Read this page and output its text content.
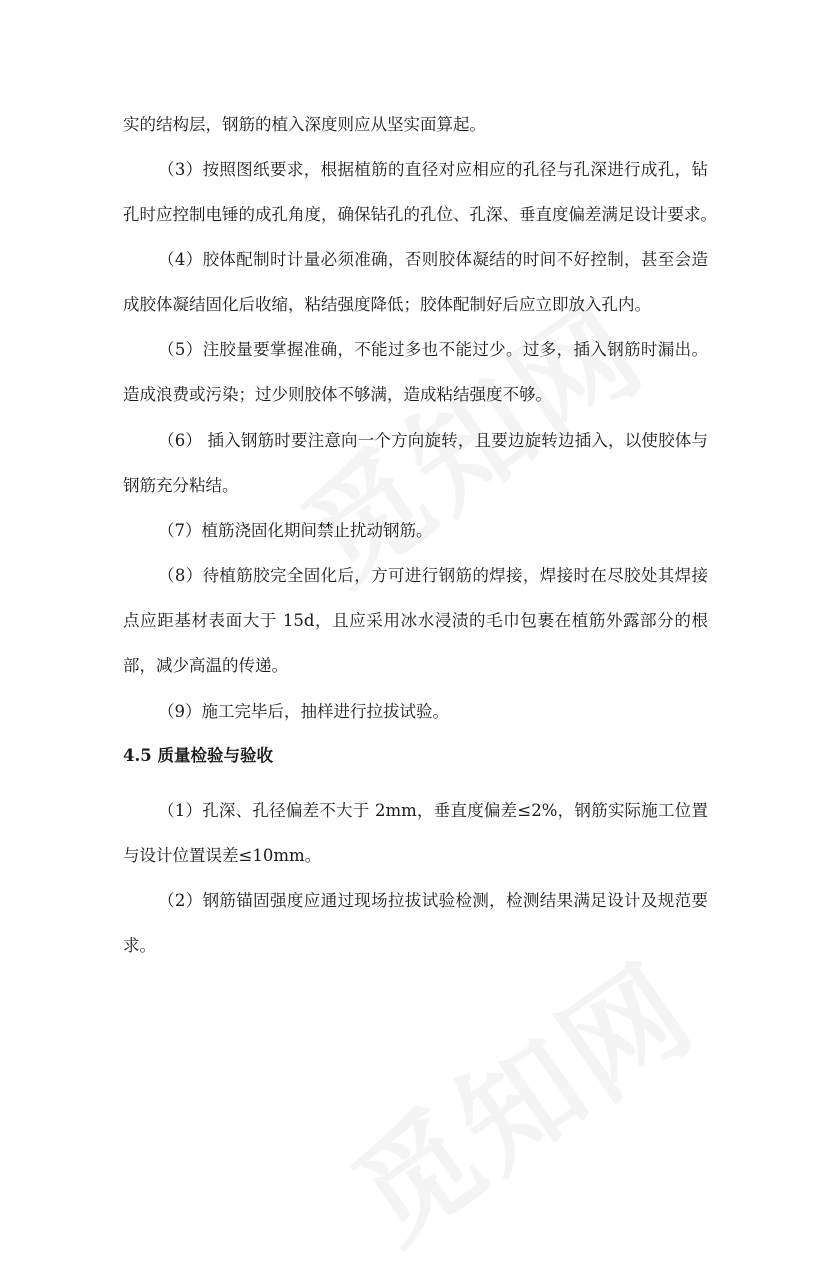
实的结构层，钢筋的植入深度则应从坚实面算起。
（3）按照图纸要求，根据植筋的直径对应相应的孔径与孔深进行成孔，钻
孔时应控制电锤的成孔角度，确保钻孔的孔位、孔深、垂直度偏差满足设计要求。
（4）胶体配制时计量必须准确，否则胶体凝结的时间不好控制，甚至会造
成胶体凝结固化后收缩，粘结强度降低；胶体配制好后应立即放入孔内。
（5）注胶量要掌握准确，不能过多也不能过少。过多，插入钢筋时漏出。
造成浪费或污染；过少则胶体不够满，造成粘结强度不够。
（6） 插入钢筋时要注意向一个方向旋转，且要边旋转边插入，以使胶体与
钢筋充分粘结。
（7）植筋浇固化期间禁止扰动钢筋。
（8）待植筋胶完全固化后，方可进行钢筋的焊接，焊接时在尽胶处其焊接
点应距基材表面大于 15d，且应采用冰水浸渍的毛巾包裹在植筋外露部分的根
部，减少高温的传递。
（9）施工完毕后，抽样进行拉拔试验。
4.5 质量检验与验收
（1）孔深、孔径偏差不大于 2mm，垂直度偏差≤2%，钢筋实际施工位置
与设计位置误差≤10mm。
（2）钢筋锚固强度应通过现场拉拔试验检测，检测结果满足设计及规范要
求。
